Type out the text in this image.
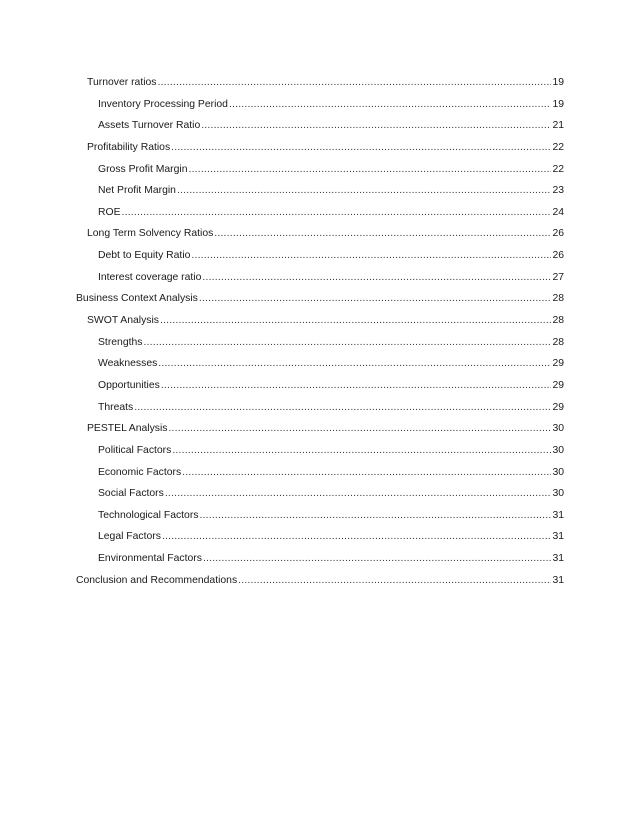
Turnover ratios .....	19
Inventory Processing Period .....	19
Assets Turnover Ratio .....	21
Profitability Ratios .....	22
Gross Profit Margin .....	22
Net Profit Margin .....	23
ROE .....	24
Long Term Solvency Ratios .....	26
Debt to Equity Ratio .....	26
Interest coverage ratio .....	27
Business Context Analysis .....	28
SWOT Analysis .....	28
Strengths .....	28
Weaknesses .....	29
Opportunities .....	29
Threats .....	29
PESTEL Analysis .....	30
Political Factors .....	30
Economic Factors .....	30
Social Factors .....	30
Technological Factors .....	31
Legal Factors .....	31
Environmental Factors .....	31
Conclusion and Recommendations .....	31
